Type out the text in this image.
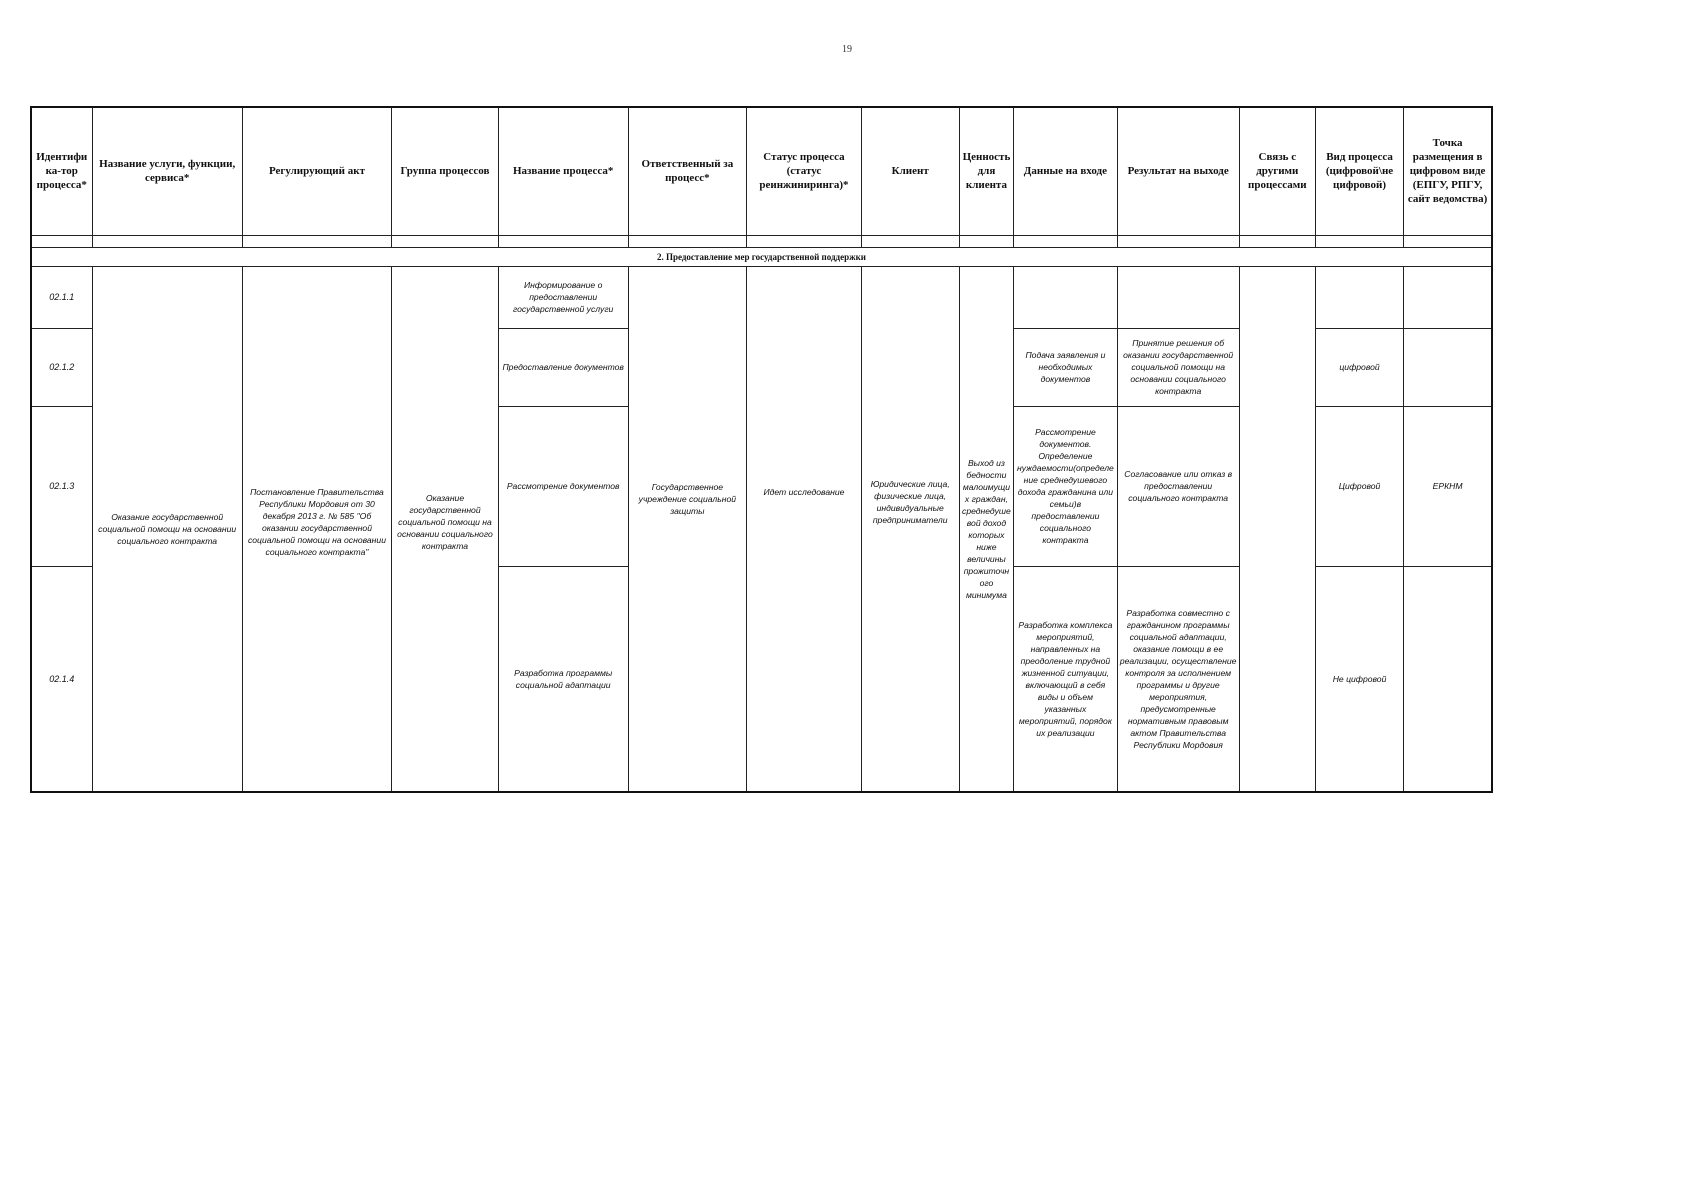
19
Идентифи ка-тор процесса*	Название услуги, функции, сервиса*	Регулирующий акт	Группа процессов	Название процесса*	Ответственный за процесс*	Статус процесса (статус реинжиниринга)*	Клиент	Ценность для клиента	Данные на входе	Результат на выходе	Связь с другими процессами	Вид процесса (цифровой\не цифровой)	Точка размещения в цифровом виде (ЕПГУ, РПГУ, сайт ведомства)

2. Предоставление мер государственной поддержки													
02.1.1	Оказание государственной социальной помощи на основании социального контракта	Постановление Правительства Республики Мордовия от 30 декабря 2013 г. № 585 "Об оказании государственной социальной помощи на основании социального контракта"	Оказание государственной социальной помощи на основании социального контракта	Информирование о предоставлении государственной услуги	Государственное учреждение социальной защиты	Идет исследование	Юридические лица, физические лица, индивидуальные предприниматели	Выход из бедности малоимущих граждан, среднедушевой доход которых ниже величины прожиточного минимума					
02.1.2				Предоставление документов					Подача заявления и необходимых документов	Принятие решения об оказании государственной социальной помощи на основании социального контракта		цифровой	
02.1.3				Рассмотрение документов					Рассмотрение документов. Определение нуждаемости(определение среднедушевого дохода гражданина или семьи)в предоставлении социального контракта	Согласование или отказ в предоставлении социального контракта		Цифровой	ЕРКНМ
02.1.4				Разработка программы социальной адаптации					Разработка комплекса мероприятий, направленных на преодоление трудной жизненной ситуации, включающий в себя виды и объем указанных мероприятий, порядок их реализации	Разработка совместно с гражданином программы социальной адаптации, оказание помощи в ее реализации, осуществление контроля за исполнением программы и другие мероприятия, предусмотренные нормативным правовым актом Правительства Республики Мордовия		Не цифровой	
